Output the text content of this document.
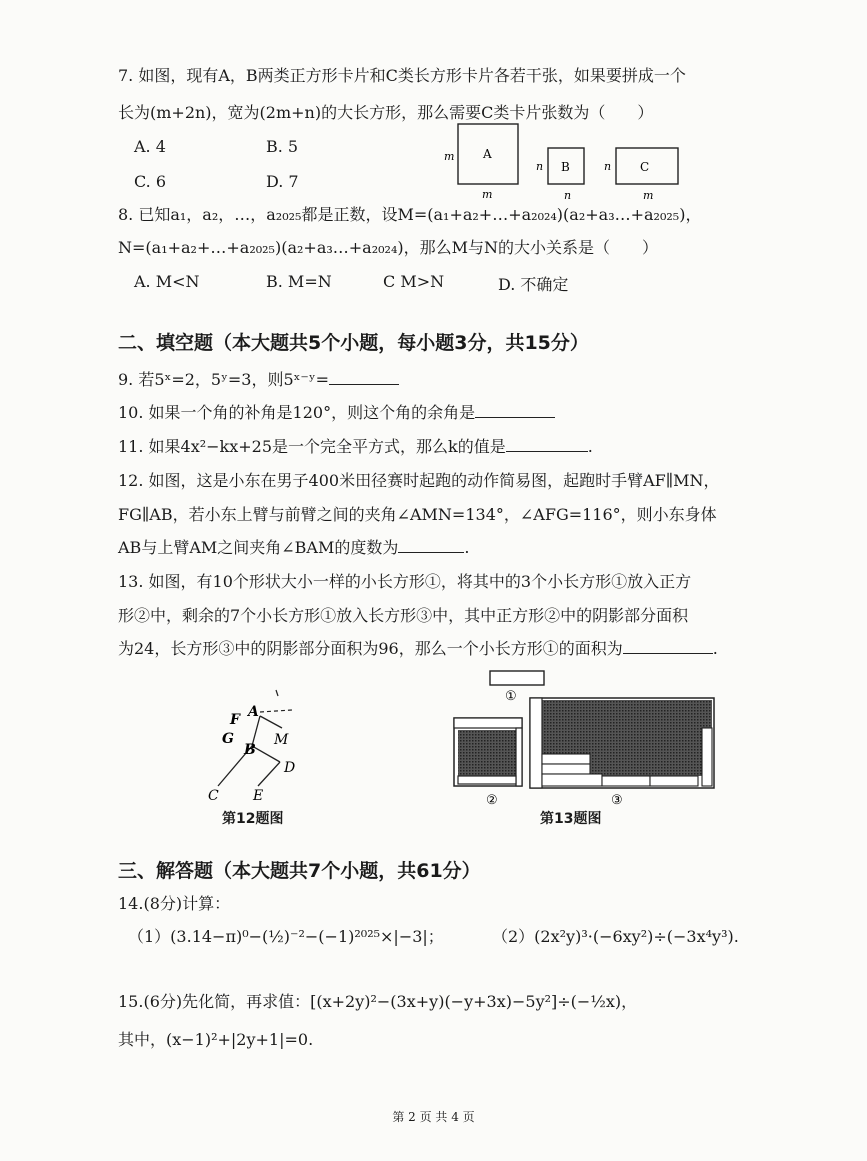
7. 如图，现有A，B两类正方形卡片和C类长方形卡片各若干张，如果要拼成一个
长为(m+2n)，宽为(2m+n)的大长方形，那么需要C类卡片张数为（　　）
A. 4	B. 5
C. 6	D. 7
A
m
m
B
n
n
C
n
m
8. 已知a₁，a₂，…，a₂₀₂₅都是正数，设M=(a₁+a₂+…+a₂₀₂₄)(a₂+a₃…+a₂₀₂₅)，
N=(a₁+a₂+…+a₂₀₂₅)(a₂+a₃…+a₂₀₂₄)，那么M与N的大小关系是（　　）
A. M<N	B. M=N	C M>N	D. 不确定
二、填空题（本大题共5个小题，每小题3分，共15分）
9. 若5ˣ=2，5ʸ=3，则5ˣ⁻ʸ=
10. 如果一个角的补角是120°，则这个角的余角是
11. 如果4x²−kx+25是一个完全平方式，那么k的值是	.
12. 如图，这是小东在男子400米田径赛时起跑的动作简易图，起跑时手臂AF∥MN，
FG∥AB，若小东上臂与前臂之间的夹角∠AMN=134°，∠AFG=116°，则小东身体
AB与上臂AM之间夹角∠BAM的度数为	.
13. 如图，有10个形状大小一样的小长方形①，将其中的3个小长方形①放入正方
形②中，剩余的7个小长方形①放入长方形③中，其中正方形②中的阴影部分面积
为24，长方形③中的阴影部分面积为96，那么一个小长方形①的面积为	.
A
F
G
B
M
D
C E
第12题图
①
②	③
第13题图
三、解答题（本大题共7个小题，共61分）
14.(8分)计算：
（1）(3.14−π)⁰−(½)⁻²−(−1)²⁰²⁵×|−3|；	（2）(2x²y)³·(−6xy²)÷(−3x⁴y³).
15.(6分)先化简，再求值：[(x+2y)²−(3x+y)(−y+3x)−5y²]÷(−½x)，
其中，(x−1)²+|2y+1|=0.
第 2 页 共 4 页
